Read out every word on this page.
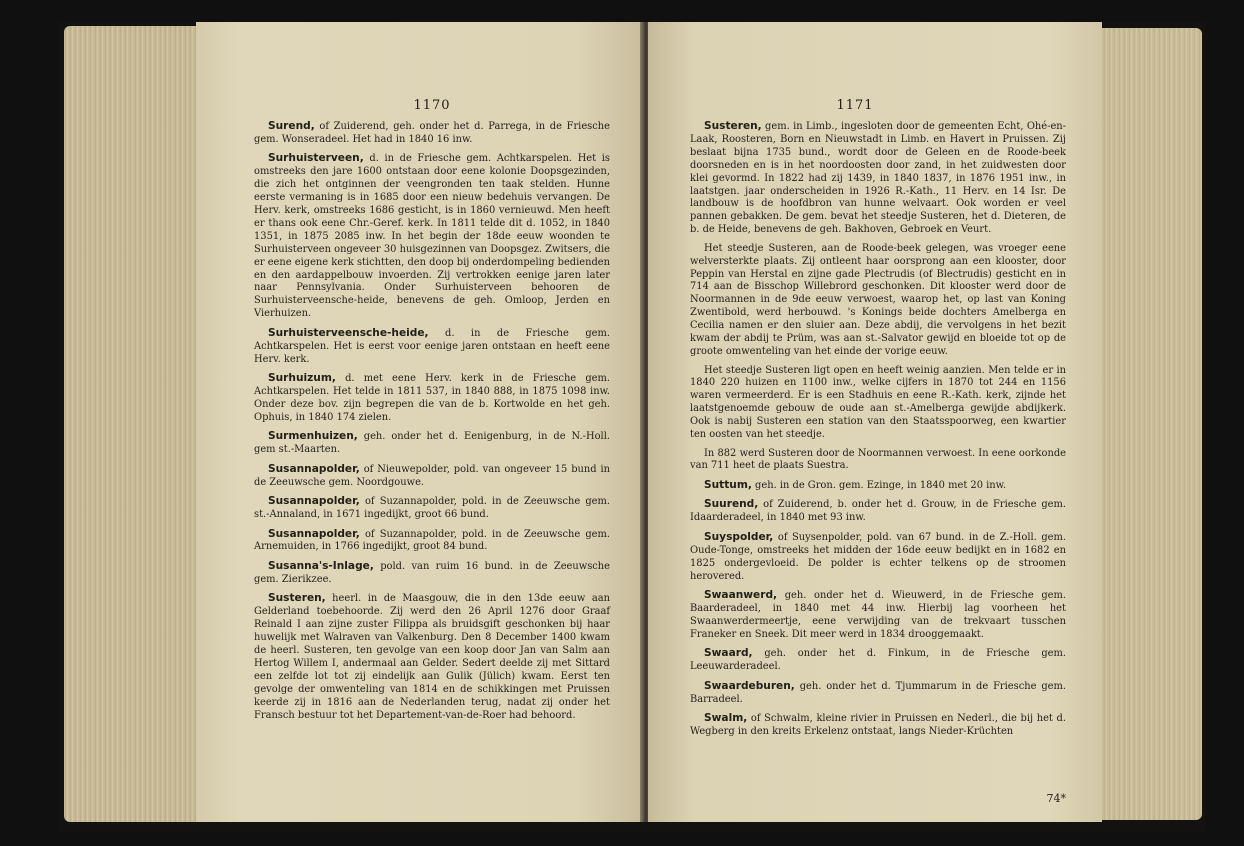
1170

Surend, of Zuiderend, geh. onder het d. Parrega, in de Friesche gem. Wonseradeel. Het had in 1840 16 inw.

Surhuisterveen, d. in de Friesche gem. Achtkarspelen. Het is omstreeks den jare 1600 ontstaan door eene kolonie Doopsgezinden, die zich het ontginnen der veengronden ten taak stelden. Hunne eerste vermaning is in 1685 door een nieuw bedehuis vervangen. De Herv. kerk, omstreeks 1686 gesticht, is in 1860 vernieuwd. Men heeft er thans ook eene Chr.-Geref. kerk. In 1811 telde dit d. 1052, in 1840 1351, in 1875 2085 inw. In het begin der 18de eeuw woonden te Surhuisterveen ongeveer 30 huisgezinnen van Doopsgez. Zwitsers, die er eene eigene kerk stichtten, den doop bij onderdompeling bedienden en den aardappelbouw invoerden. Zij vertrokken eenige jaren later naar Pennsylvania. Onder Surhuisterveen behooren de Surhuisterveensche-heide, benevens de geh. Omloop, Jerden en Vierhuizen.

Surhuisterveensche-heide, d. in de Friesche gem. Achtkarspelen. Het is eerst voor eenige jaren ontstaan en heeft eene Herv. kerk.

Surhuizum, d. met eene Herv. kerk in de Friesche gem. Achtkarspelen. Het telde in 1811 537, in 1840 888, in 1875 1098 inw. Onder deze bov. zijn begrepen die van de b. Kortwolde en het geh. Ophuis, in 1840 174 zielen.

Surmenhuizen, geh. onder het d. Eenigenburg, in de N.-Holl. gem st.-Maarten.

Susannapolder, of Nieuwepolder, pold. van ongeveer 15 bund in de Zeeuwsche gem. Noordgouwe.

Susannapolder, of Suzannapolder, pold. in de Zeeuwsche gem. st.-Annaland, in 1671 ingedijkt, groot 66 bund.

Susannapolder, of Suzannapolder, pold. in de Zeeuwsche gem. Arnemuiden, in 1766 ingedijkt, groot 84 bund.

Susanna's-Inlage, pold. van ruim 16 bund. in de Zeeuwsche gem. Zierikzee.

Susteren, heerl. in de Maasgouw, die in den 13de eeuw aan Gelderland toebehoorde. Zij werd den 26 April 1276 door Graaf Reinald I aan zijne zuster Filippa als bruidsgift geschonken bij haar huwelijk met Walraven van Valkenburg. Den 8 December 1400 kwam de heerl. Susteren, ten gevolge van een koop door Jan van Salm aan Hertog Willem I, andermaal aan Gelder. Sedert deelde zij met Sittard een zelfde lot tot zij eindelijk aan Gulik (Jülich) kwam. Eerst ten gevolge der omwenteling van 1814 en de schikkingen met Pruissen keerde zij in 1816 aan de Nederlanden terug, nadat zij onder het Fransch bestuur tot het Departement-van-de-Roer had behoord.

1171

Susteren, gem. in Limb., ingesloten door de gemeenten Echt, Ohé-en-Laak, Roosteren, Born en Nieuwstadt in Limb. en Havert in Pruissen. Zij beslaat bijna 1735 bund., wordt door de Geleen en de Roode-beek doorsneden en is in het noordoosten door zand, in het zuidwesten door klei gevormd. In 1822 had zij 1439, in 1840 1837, in 1876 1951 inw., in laatstgen. jaar onderscheiden in 1926 R.-Kath., 11 Herv. en 14 Isr. De landbouw is de hoofdbron van hunne welvaart. Ook worden er veel pannen gebakken. De gem. bevat het steedje Susteren, het d. Dieteren, de b. de Heide, benevens de geh. Bakhoven, Gebroek en Veurt.

Het steedje Susteren, aan de Roode-beek gelegen, was vroeger eene welversterkte plaats. Zij ontleent haar oorsprong aan een klooster, door Peppin van Herstal en zijne gade Plectrudis (of Blectrudis) gesticht en in 714 aan de Bisschop Willebrord geschonken. Dit klooster werd door de Noormannen in de 9de eeuw verwoest, waarop het, op last van Koning Zwentibold, werd herbouwd. 's Konings beide dochters Amelberga en Cecilia namen er den sluier aan. Deze abdij, die vervolgens in het bezit kwam der abdij te Prüm, was aan st.-Salvator gewijd en bloeide tot op de groote omwenteling van het einde der vorige eeuw.

Het steedje Susteren ligt open en heeft weinig aanzien. Men telde er in 1840 220 huizen en 1100 inw., welke cijfers in 1870 tot 244 en 1156 waren vermeerderd. Er is een Stadhuis en eene R.-Kath. kerk, zijnde het laatstgenoemde gebouw de oude aan st.-Amelberga gewijde abdijkerk. Ook is nabij Susteren een station van den Staatsspoorweg, een kwartier ten oosten van het steedje.

In 882 werd Susteren door de Noormannen verwoest. In eene oorkonde van 711 heet de plaats Suestra.

Suttum, geh. in de Gron. gem. Ezinge, in 1840 met 20 inw.

Suurend, of Zuiderend, b. onder het d. Grouw, in de Friesche gem. Idaarderadeel, in 1840 met 93 inw.

Suyspolder, of Suysenpolder, pold. van 67 bund. in de Z.-Holl. gem. Oude-Tonge, omstreeks het midden der 16de eeuw bedijkt en in 1682 en 1825 ondergevloeid. De polder is echter telkens op de stroomen herovered.

Swaanwerd, geh. onder het d. Wieuwerd, in de Friesche gem. Baarderadeel, in 1840 met 44 inw. Hierbij lag voorheen het Swaanwerdermeertje, eene verwijding van de trekvaart tusschen Franeker en Sneek. Dit meer werd in 1834 drooggemaakt.

Swaard, geh. onder het d. Finkum, in de Friesche gem. Leeuwarderadeel.

Swaardeburen, geh. onder het d. Tjummarum in de Friesche gem. Barradeel.

Swalm, of Schwalm, kleine rivier in Pruissen en Nederl., die bij het d. Wegberg in den kreits Erkelenz ontstaat, langs Nieder-Krüchten

74*
